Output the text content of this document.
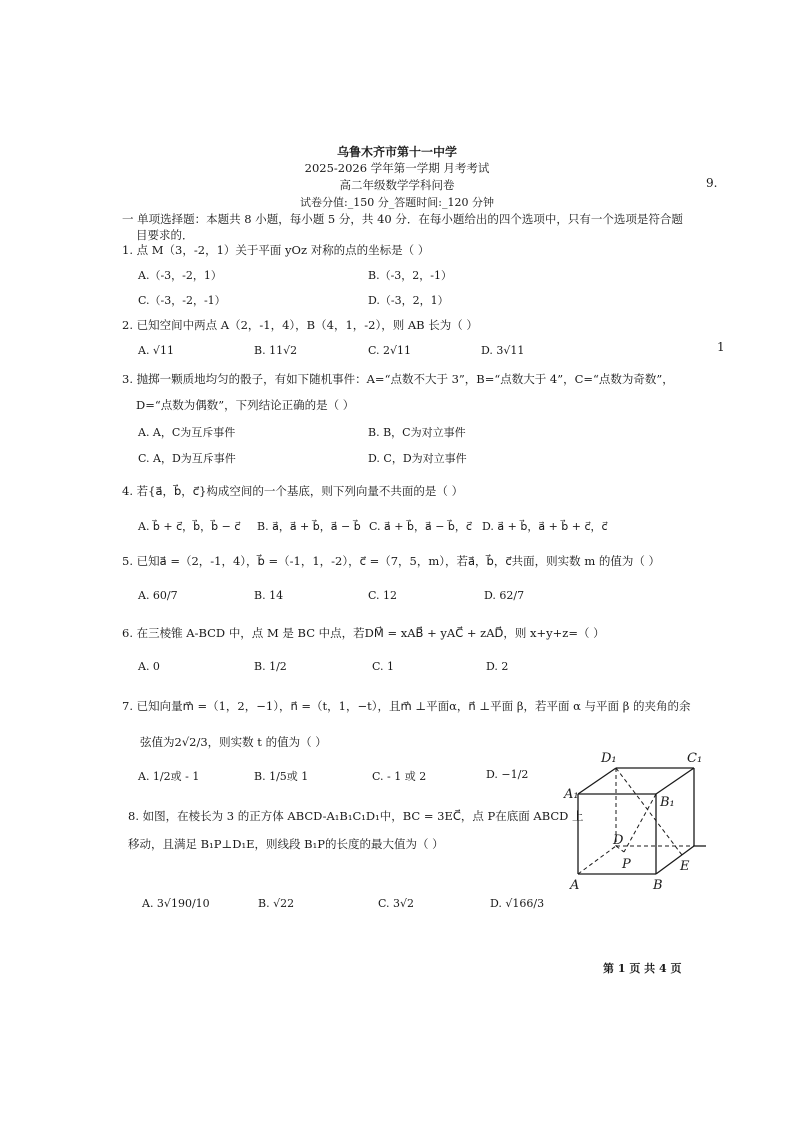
乌鲁木齐市第十一中学
2025-2026 学年第一学期 月考考试
高二年级数学学科问卷
试卷分值:_150 分_答题时间:_120 分钟
9.
1
一 单项选择题：本题共 8 小题，每小题 5 分，共 40 分．在每小题给出的四个选项中，只有一个选项是符合题
目要求的．
1. 点 M（3，-2，1）关于平面 yOz 对称的点的坐标是（ ）
A.（-3，-2，1）	B.（-3，2，-1）
C.（-3，-2，-1）	D.（-3，2，1）
2. 已知空间中两点 A（2，-1，4），B（4，1，-2），则 AB 长为（ ）
A. √11	B. 11√2	C. 2√11	D. 3√11
3. 抛掷一颗质地均匀的骰子，有如下随机事件：A=“点数不大于 3”，B=“点数大于 4”，C=“点数为奇数”，
D=“点数为偶数”，下列结论正确的是（ ）
A. A，C为互斥事件	B. B，C为对立事件
C. A，D为互斥事件	D. C，D为对立事件
4. 若{a⃗，b⃗，c⃗}构成空间的一个基底，则下列向量不共面的是（ ）
A. b⃗ + c⃗，b⃗，b⃗ − c⃗ B. a⃗，a⃗ + b⃗，a⃗ − b⃗ C. a⃗ + b⃗，a⃗ − b⃗，c⃗ D. a⃗ + b⃗，a⃗ + b⃗ + c⃗，c⃗
5. 已知a⃗ =（2，-1，4），b⃗ =（-1，1，-2），c⃗ =（7，5，m），若a⃗，b⃗，c⃗共面，则实数 m 的值为（ ）
A. 60/7	B. 14	C. 12	D. 62/7
6. 在三棱锥 A-BCD 中，点 M 是 BC 中点，若DM⃗ = xAB⃗ + yAC⃗ + zAD⃗，则 x+y+z=（ ）
A. 0	B. 1/2	C. 1	D. 2
7. 已知向量m⃗ =（1，2，−1），n⃗ =（t，1，−t），且m⃗ ⊥平面α，n⃗ ⊥平面 β，若平面 α 与平面 β 的夹角的余
弦值为2√2/3，则实数 t 的值为（ ）
A. 1/2或 - 1	B. 1/5或 1	C. - 1 或 2	D. −1/2
8. 如图，在棱长为 3 的正方体 ABCD-A₁B₁C₁D₁中，BC = 3EC⃗，点 P在底面 ABCD 上
移动，且满足 B₁P⊥D₁E，则线段 B₁P的长度的最大值为（ ）
A. 3√190/10	B. √22	C. 3√2	D. √166/3
A₁
D₁	C₁
B₁
D
P
A	B
E
第 1 页 共 4 页
